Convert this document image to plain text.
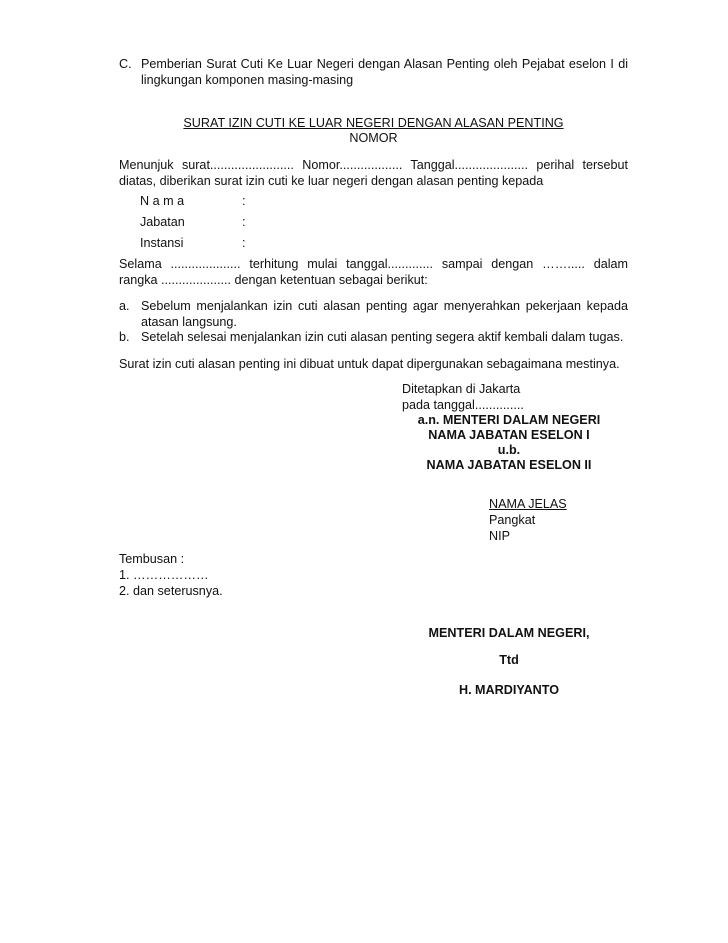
C. Pemberian Surat Cuti Ke Luar Negeri dengan Alasan Penting oleh Pejabat eselon I di
lingkungan komponen masing-masing
SURAT IZIN CUTI KE LUAR NEGERI DENGAN ALASAN PENTING
NOMOR
Menunjuk surat........................ Nomor.................. Tanggal..................... perihal tersebut
diatas, diberikan surat izin cuti ke luar negeri dengan alasan penting kepada
N a m a	:
Jabatan	:
Instansi	:
Selama .................... terhitung mulai tanggal............. sampai dengan ……..... dalam
rangka .................... dengan ketentuan sebagai berikut:
a. Sebelum menjalankan izin cuti alasan penting agar menyerahkan pekerjaan kepada
atasan langsung.
b. Setelah selesai menjalankan izin cuti alasan penting segera aktif kembali dalam tugas.
Surat izin cuti alasan penting ini dibuat untuk dapat dipergunakan sebagaimana mestinya.
Ditetapkan di Jakarta
pada tanggal..............
a.n. MENTERI DALAM NEGERI
NAMA JABATAN ESELON I
u.b.
NAMA JABATAN ESELON II
NAMA JELAS
Pangkat
NIP
Tembusan :
1. ………………
2. dan seterusnya.
MENTERI DALAM NEGERI,
Ttd
H. MARDIYANTO
